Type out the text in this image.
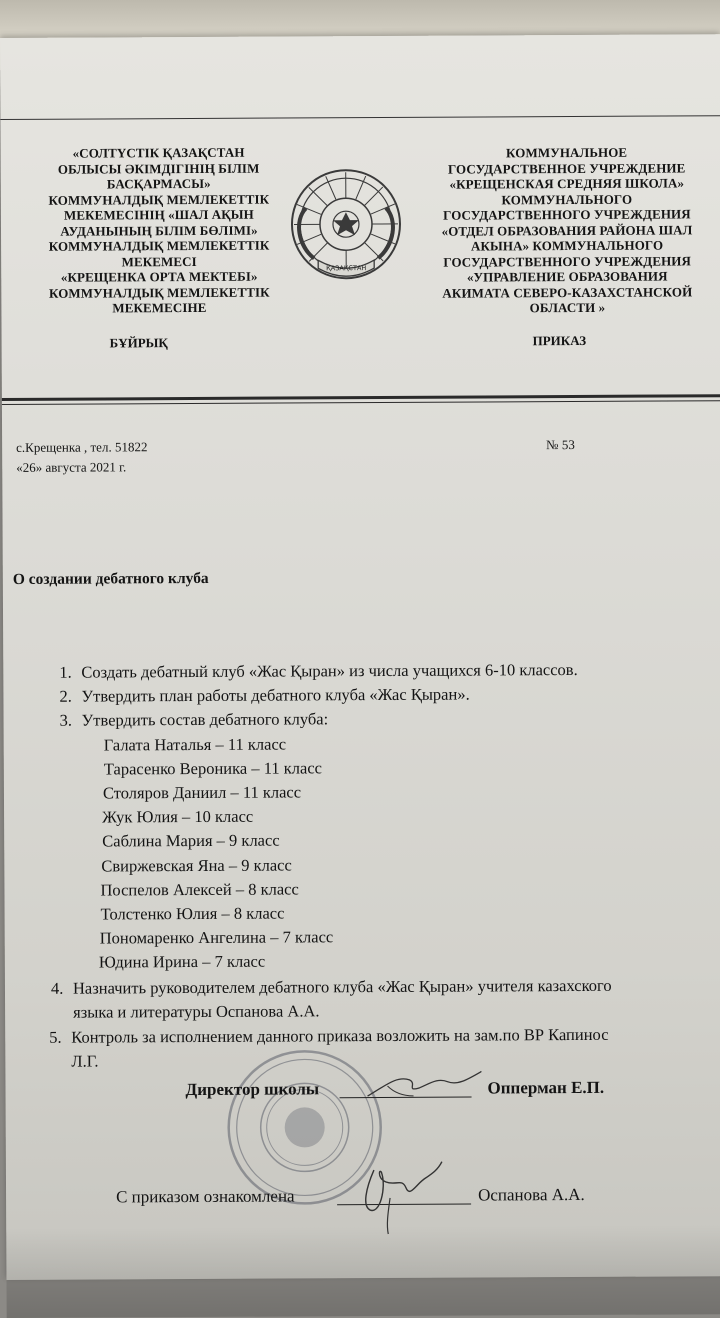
«СОЛТҮСТІК ҚАЗАҚСТАН
ОБЛЫСЫ ӘКІМДІГІНІҢ БІЛІМ
БАСҚАРМАСЫ»
КОММУНАЛДЫҚ МЕМЛЕКЕТТІК
МЕКЕМЕСІНІҢ «ШАЛ АҚЫН
АУДАНЫНЫҢ БІЛІМ БӨЛІМІ»
КОММУНАЛДЫҚ МЕМЛЕКЕТТІК
МЕКЕМЕСІ
«КРЕЩЕНКА ОРТА МЕКТЕБІ»
КОММУНАЛДЫҚ МЕМЛЕКЕТТІК
МЕКЕМЕСІНЕ
ҚАЗАҚСТАН
КОММУНАЛЬНОЕ
ГОСУДАРСТВЕННОЕ УЧРЕЖДЕНИЕ
«КРЕЩЕНСКАЯ СРЕДНЯЯ ШКОЛА»
КОММУНАЛЬНОГО
ГОСУДАРСТВЕННОГО УЧРЕЖДЕНИЯ
«ОТДЕЛ ОБРАЗОВАНИЯ РАЙОНА ШАЛ
АКЫНА» КОММУНАЛЬНОГО
ГОСУДАРСТВЕННОГО УЧРЕЖДЕНИЯ
«УПРАВЛЕНИЕ ОБРАЗОВАНИЯ
АКИМАТА СЕВЕРО-КАЗАХСТАНСКОЙ
ОБЛАСТИ »
БҰЙРЫҚ	ПРИКАЗ
с.Крещенка , тел. 51822
«26» августа 2021 г.
№ 53
О создании дебатного клуба
1. Создать дебатный клуб «Жас Қыран» из числа учащихся 6-10 классов.
2. Утвердить план работы дебатного клуба «Жас Қыран».
3. Утвердить состав дебатного клуба:
Галата Наталья – 11 класс
Тарасенко Вероника – 11 класс
Столяров Даниил – 11 класс
Жук Юлия – 10 класс
Саблина Мария – 9 класс
Свиржевская Яна – 9 класс
Поспелов Алексей – 8 класс
Толстенко Юлия – 8 класс
Пономаренко Ангелина – 7 класс
Юдина Ирина – 7 класс
4. Назначить руководителем дебатного клуба «Жас Қыран» учителя казахского
языка и литературы Оспанова А.А.
5. Контроль за исполнением данного приказа возложить на зам.по ВР Капинос
Л.Г.
Директор школы	Опперман Е.П.
С приказом ознакомлена	Оспанова А.А.
